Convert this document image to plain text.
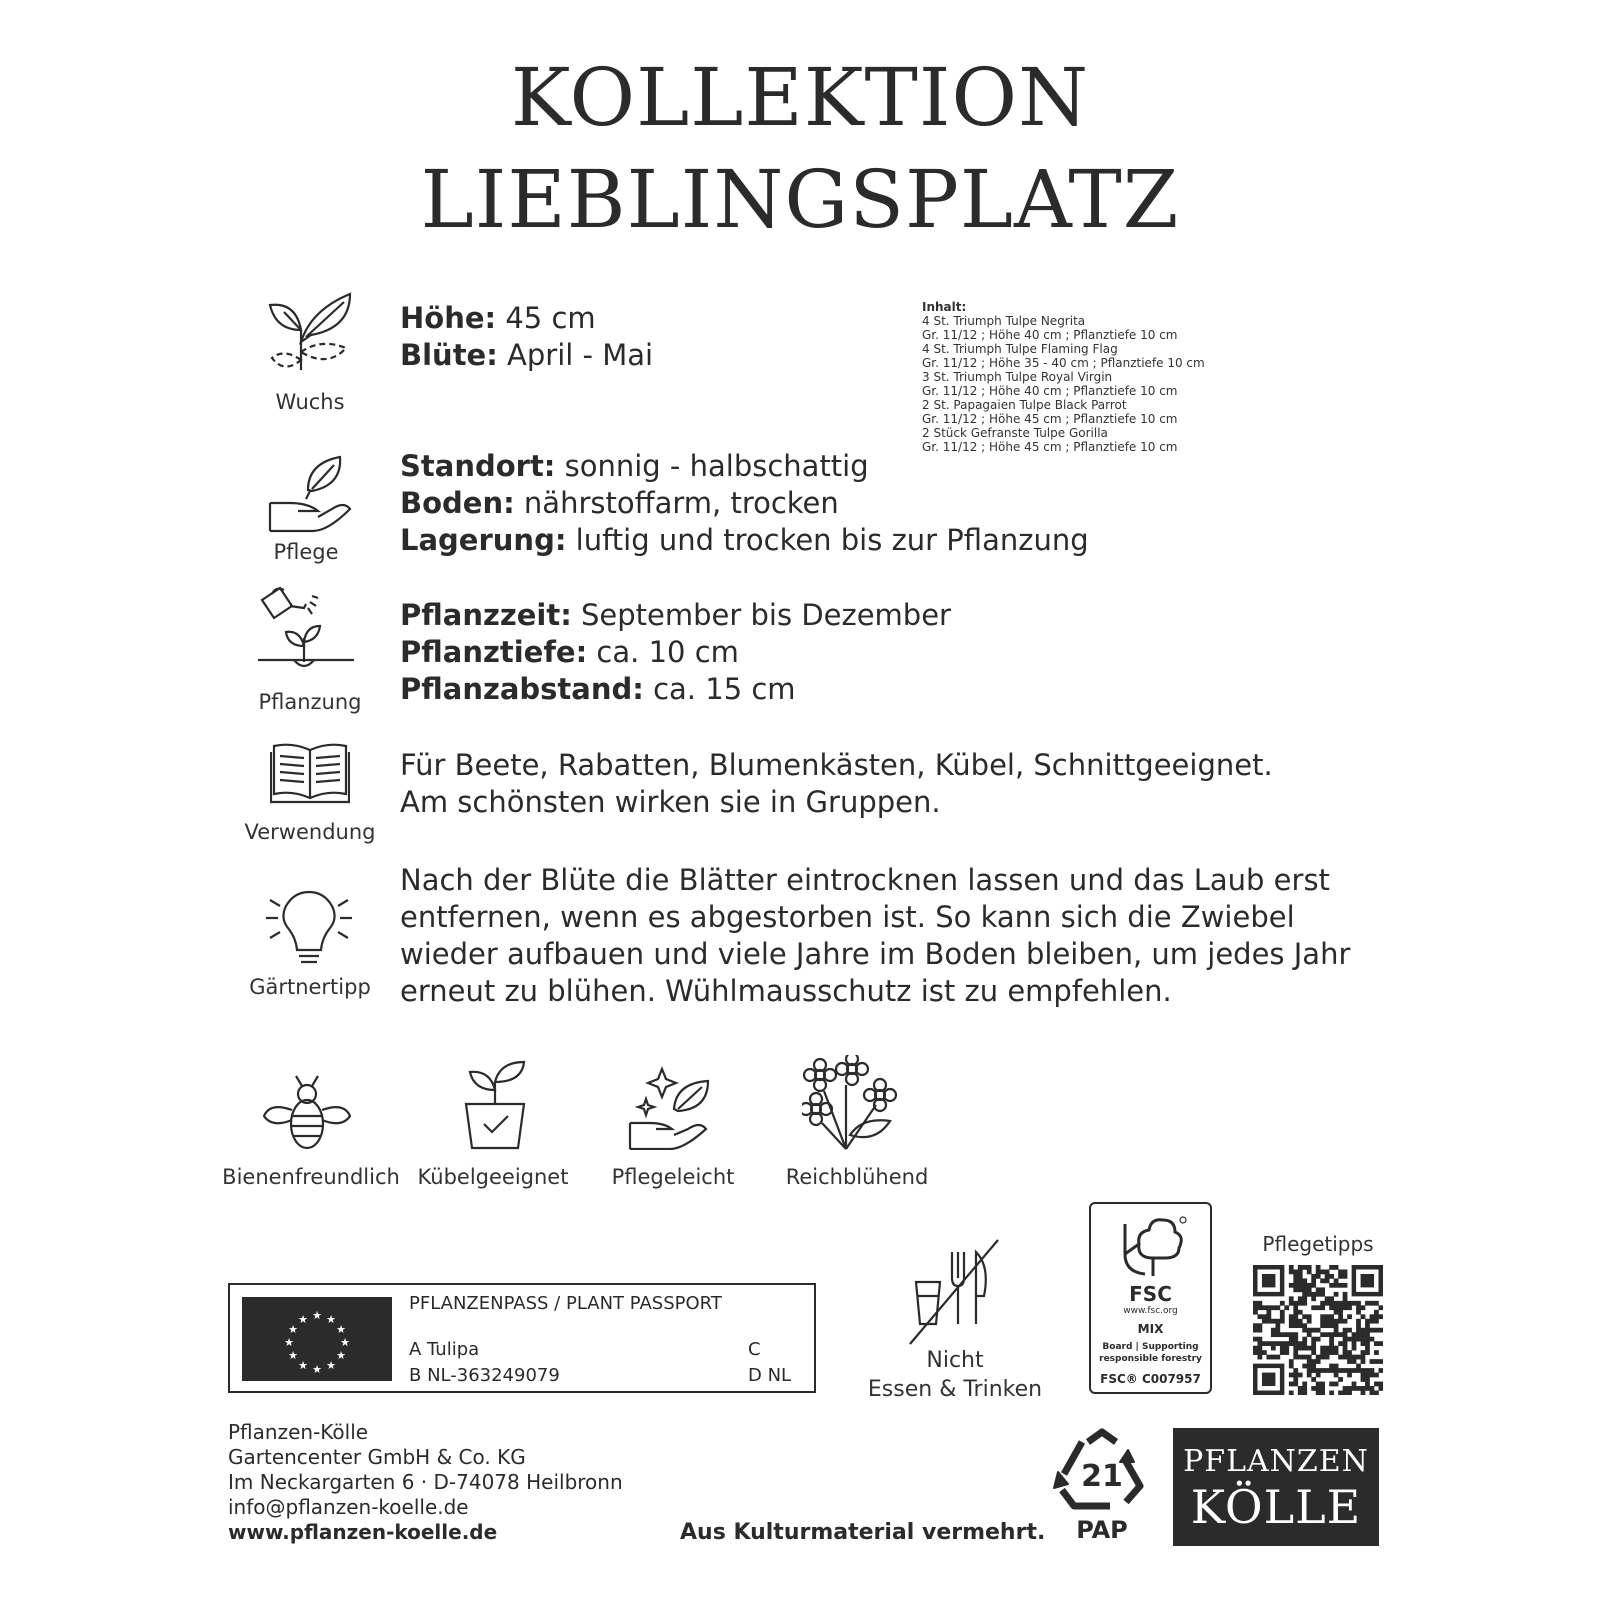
KOLLEKTION
LIEBLINGSPLATZ
Wuchs
Höhe: 45 cm
Blüte: April - Mai
Inhalt:
4 St. Triumph Tulpe Negrita
Gr. 11/12 ; Höhe 40 cm ; Pflanztiefe 10 cm
4 St. Triumph Tulpe Flaming Flag
Gr. 11/12 ; Höhe 35 - 40 cm ; Pflanztiefe 10 cm
3 St. Triumph Tulpe Royal Virgin
Gr. 11/12 ; Höhe 40 cm ; Pflanztiefe 10 cm
2 St. Papagaien Tulpe Black Parrot
Gr. 11/12 ; Höhe 45 cm ; Pflanztiefe 10 cm
2 Stück Gefranste Tulpe Gorilla
Gr. 11/12 ; Höhe 45 cm ; Pflanztiefe 10 cm
Pflege
Standort: sonnig - halbschattig
Boden: nährstoffarm, trocken
Lagerung: luftig und trocken bis zur Pflanzung
Pflanzung
Pflanzzeit: September bis Dezember
Pflanztiefe: ca. 10 cm
Pflanzabstand: ca. 15 cm
Verwendung
Für Beete, Rabatten, Blumenkästen, Kübel, Schnittgeeignet.
Am schönsten wirken sie in Gruppen.
Gärtnertipp
Nach der Blüte die Blätter eintrocknen lassen und das Laub erst
entfernen, wenn es abgestorben ist. So kann sich die Zwiebel
wieder aufbauen und viele Jahre im Boden bleiben, um jedes Jahr
erneut zu blühen. Wühlmausschutz ist zu empfehlen.
Bienenfreundlich Kübelgeeignet	Pflegeleicht	Reichblühend
★ ★
★
★
★
★
★
★
★
★
★
★
PFLANZENPASS / PLANT PASSPORT
A Tulipa
B NL-363249079
C
D NL
Nicht
Essen & Trinken
FSC
www.fsc.org
MIX
Board | Supporting
responsible forestry
FSC® C007957
Pflegetipps
Pflanzen-Kölle
Gartencenter GmbH & Co. KG
Im Neckargarten 6 · D-74078 Heilbronn
info@pflanzen-koelle.de
www.pflanzen-koelle.de	Aus Kulturmaterial vermehrt.
21
PAP
PFLANZEN
KÖLLE
